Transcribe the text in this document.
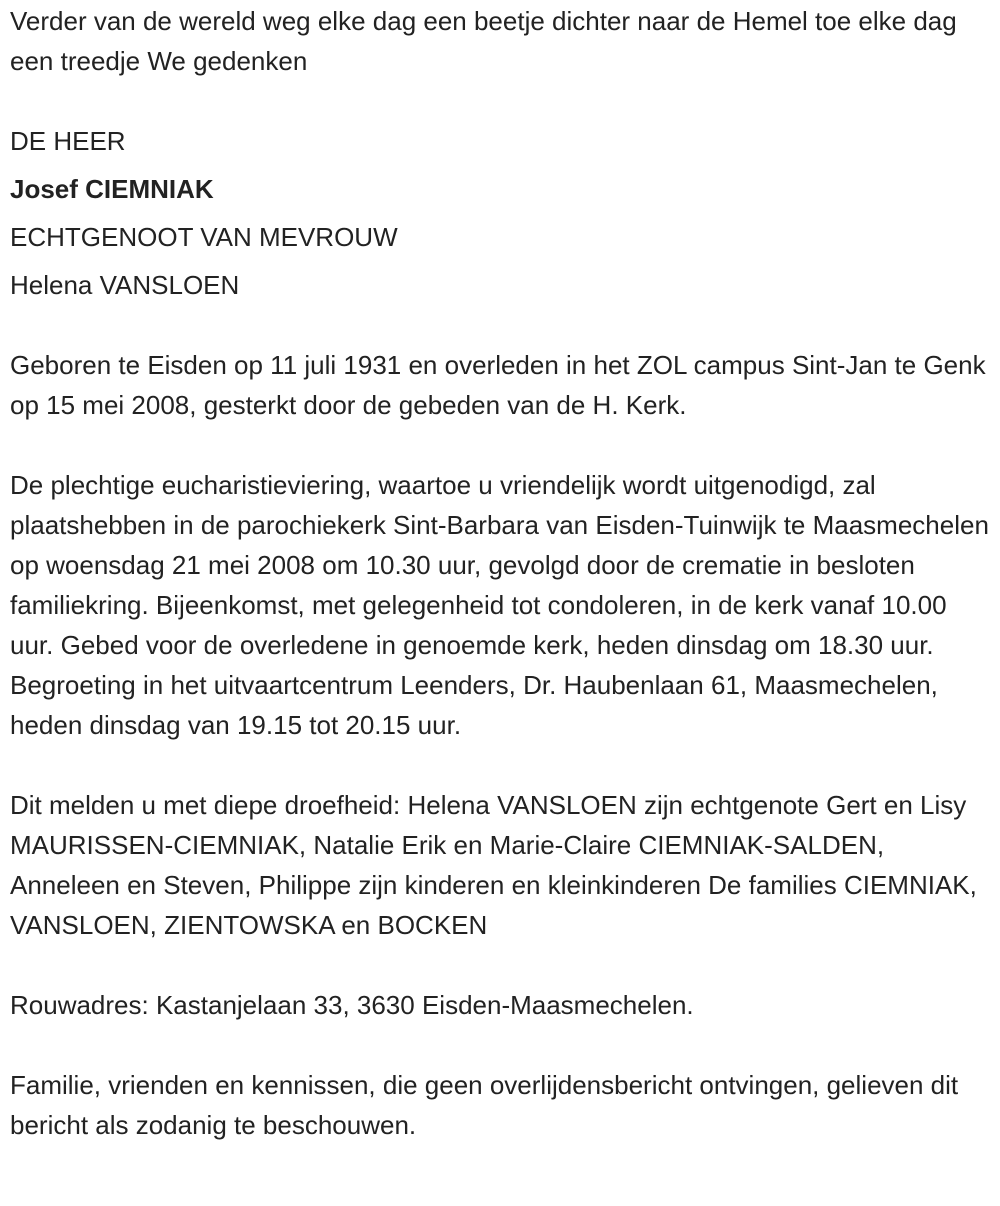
Verder van de wereld weg elke dag een beetje dichter naar de Hemel toe elke dag een treedje We gedenken

DE HEER

Josef CIEMNIAK

ECHTGENOOT VAN MEVROUW

Helena VANSLOEN

Geboren te Eisden op 11 juli 1931 en overleden in het ZOL campus Sint-Jan te Genk op 15 mei 2008, gesterkt door de gebeden van de H. Kerk.

De plechtige eucharistieviering, waartoe u vriendelijk wordt uitgenodigd, zal plaatshebben in de parochiekerk Sint-Barbara van Eisden-Tuinwijk te Maasmechelen op woensdag 21 mei 2008 om 10.30 uur, gevolgd door de crematie in besloten familiekring. Bijeenkomst, met gelegenheid tot condoleren, in de kerk vanaf 10.00 uur. Gebed voor de overledene in genoemde kerk, heden dinsdag om 18.30 uur. Begroeting in het uitvaartcentrum Leenders, Dr. Haubenlaan 61, Maasmechelen, heden dinsdag van 19.15 tot 20.15 uur.

Dit melden u met diepe droefheid: Helena VANSLOEN zijn echtgenote Gert en Lisy MAURISSEN-CIEMNIAK, Natalie Erik en Marie-Claire CIEMNIAK-SALDEN, Anneleen en Steven, Philippe zijn kinderen en kleinkinderen De families CIEMNIAK, VANSLOEN, ZIENTOWSKA en BOCKEN

Rouwadres: Kastanjelaan 33, 3630 Eisden-Maasmechelen.

Familie, vrienden en kennissen, die geen overlijdensbericht ontvingen, gelieven dit bericht als zodanig te beschouwen.
